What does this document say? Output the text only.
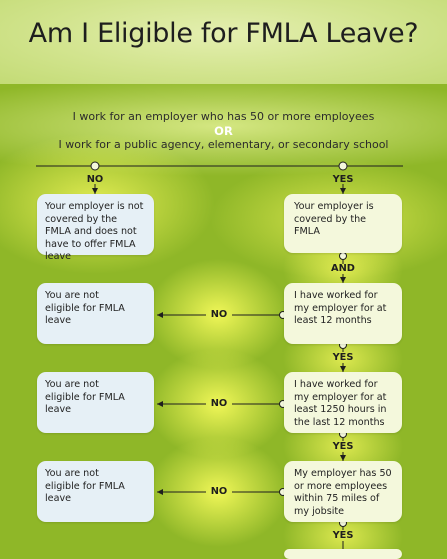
Am I Eligible for FMLA Leave?
I work for an employer who has 50 or more employees
OR
I work for a public agency, elementary, or secondary school
NO	YES
AND
YES
YES
YES
NO
NO
NO
Your employer is not covered by the FMLA and does not have to offer FMLA leave
Your employer is covered by the FMLA
You are not eligible for FMLA leave
I have worked for my employer for at least 12 months
You are not eligible for FMLA leave
I have worked for my employer for at least 1250 hours in the last 12 months
You are not eligible for FMLA leave
My employer has 50 or more employees within 75 miles of my jobsite
